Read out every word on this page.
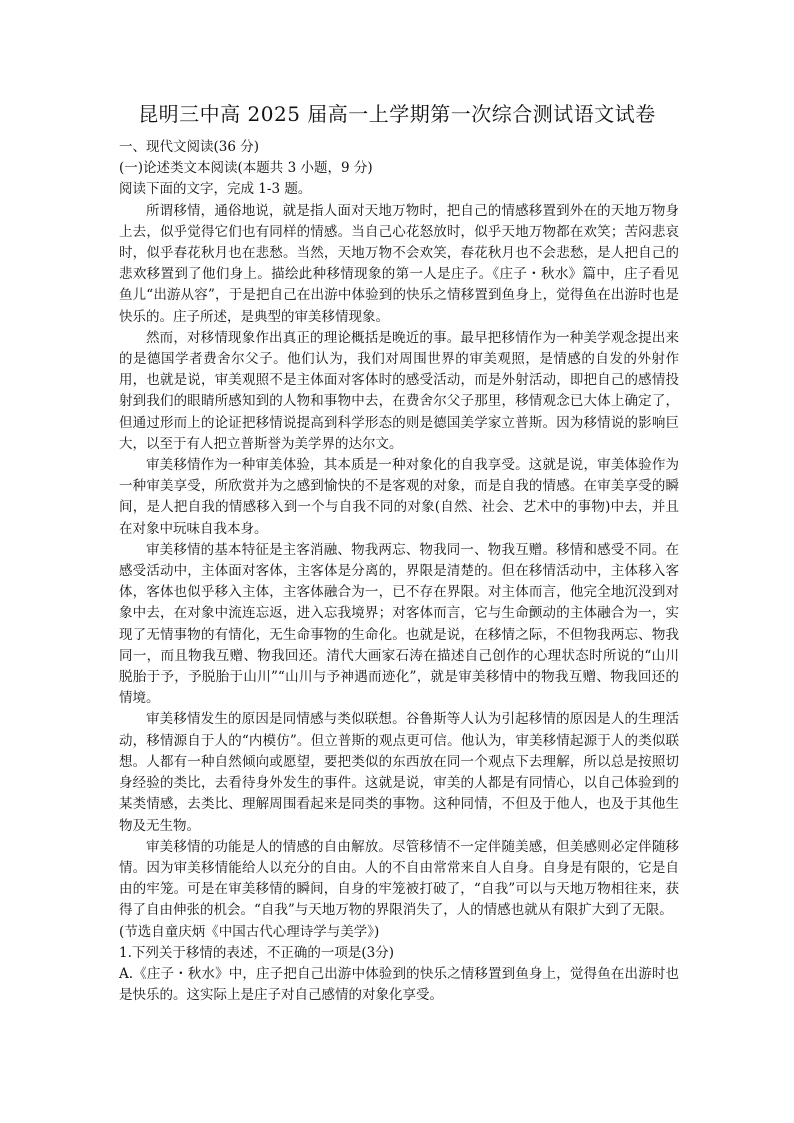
昆明三中高 2025 届高一上学期第一次综合测试语文试卷

一、现代文阅读(36 分)

(一)论述类文本阅读(本题共 3 小题，9 分)

阅读下面的文字，完成 1-3 题。

所谓移情，通俗地说，就是指人面对天地万物时，把自己的情感移置到外在的天地万物身上去，似乎觉得它们也有同样的情感。当自己心花怒放时，似乎天地万物都在欢笑；苦闷悲哀时，似乎春花秋月也在悲愁。当然，天地万物不会欢笑，春花秋月也不会悲愁，是人把自己的悲欢移置到了他们身上。描绘此种移情现象的第一人是庄子。《庄子・秋水》篇中，庄子看见鱼儿“出游从容”，于是把自己在出游中体验到的快乐之情移置到鱼身上，觉得鱼在出游时也是快乐的。庄子所述，是典型的审美移情现象。

然而，对移情现象作出真正的理论概括是晚近的事。最早把移情作为一种美学观念提出来的是德国学者费舍尔父子。他们认为，我们对周围世界的审美观照，是情感的自发的外射作用，也就是说，审美观照不是主体面对客体时的感受活动，而是外射活动，即把自己的感情投射到我们的眼睛所感知到的人物和事物中去，在费舍尔父子那里，移情观念已大体上确定了，但通过形而上的论证把移情说提高到科学形态的则是德国美学家立普斯。因为移情说的影响巨大，以至于有人把立普斯誉为美学界的达尔文。

审美移情作为一种审美体验，其本质是一种对象化的自我享受。这就是说，审美体验作为一种审美享受，所欣赏并为之感到愉快的不是客观的对象，而是自我的情感。在审美享受的瞬间，是人把自我的情感移入到一个与自我不同的对象(自然、社会、艺术中的事物)中去，并且在对象中玩味自我本身。

审美移情的基本特征是主客消融、物我两忘、物我同一、物我互赠。移情和感受不同。在感受活动中，主体面对客体，主客体是分离的，界限是清楚的。但在移情活动中，主体移入客体，客体也似乎移入主体，主客体融合为一，已不存在界限。对主体而言，他完全地沉没到对象中去，在对象中流连忘返，进入忘我境界；对客体而言，它与生命颤动的主体融合为一，实现了无情事物的有情化，无生命事物的生命化。也就是说，在移情之际，不但物我两忘、物我同一，而且物我互赠、物我回还。清代大画家石涛在描述自己创作的心理状态时所说的“山川脱胎于予，予脱胎于山川”“山川与予神遇而迹化”，就是审美移情中的物我互赠、物我回还的情境。

审美移情发生的原因是同情感与类似联想。谷鲁斯等人认为引起移情的原因是人的生理活动，移情源自于人的“内模仿”。但立普斯的观点更可信。他认为，审美移情起源于人的类似联想。人都有一种自然倾向或愿望，要把类似的东西放在同一个观点下去理解，所以总是按照切身经验的类比，去看待身外发生的事件。这就是说，审美的人都是有同情心，以自己体验到的某类情感，去类比、理解周围看起来是同类的事物。这种同情，不但及于他人，也及于其他生物及无生物。

审美移情的功能是人的情感的自由解放。尽管移情不一定伴随美感，但美感则必定伴随移情。因为审美移情能给人以充分的自由。人的不自由常常来自人自身。自身是有限的，它是自由的牢笼。可是在审美移情的瞬间，自身的牢笼被打破了，“自我”可以与天地万物相往来，获得了自由伸张的机会。“自我”与天地万物的界限消失了，人的情感也就从有限扩大到了无限。

(节选自童庆炳《中国古代心理诗学与美学》)

1.下列关于移情的表述，不正确的一项是(3分)

A.《庄子・秋水》中，庄子把自己出游中体验到的快乐之情移置到鱼身上，觉得鱼在出游时也是快乐的。这实际上是庄子对自己感情的对象化享受。
